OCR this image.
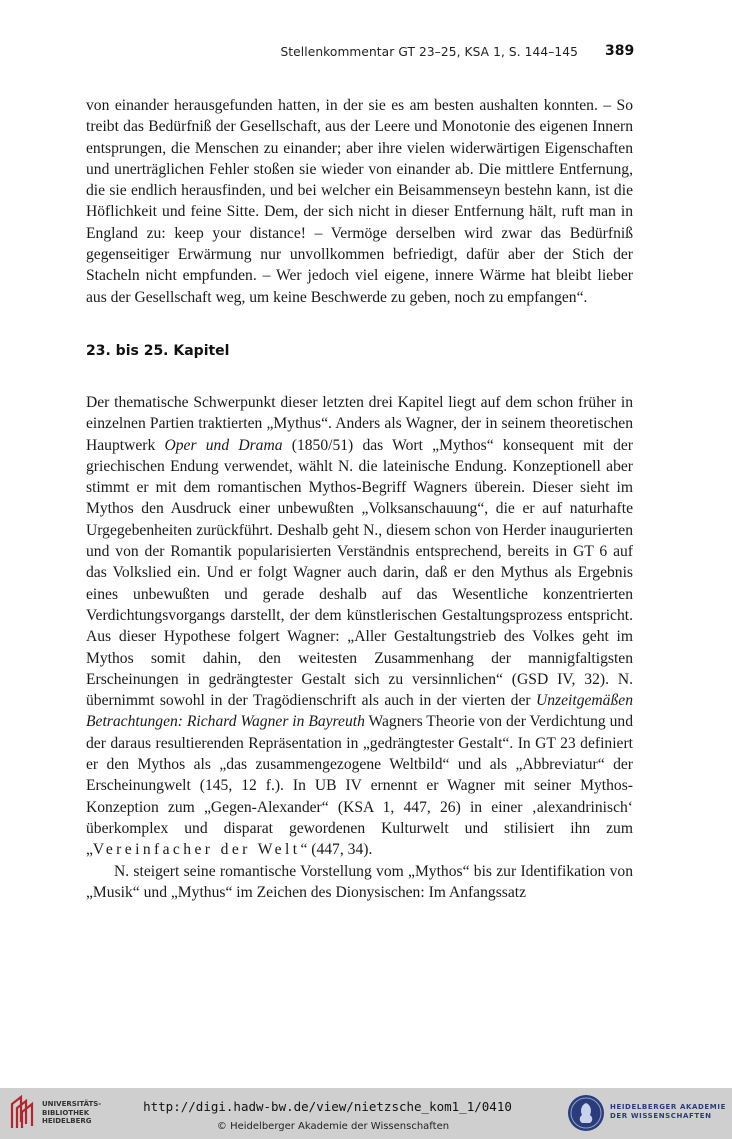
Stellenkommentar GT 23–25, KSA 1, S. 144–145 389

von einander herausgefunden hatten, in der sie es am besten aushalten konnten. – So treibt das Bedürfniß der Gesellschaft, aus der Leere und Monotonie des eigenen Innern entsprungen, die Menschen zu einander; aber ihre vielen widerwärtigen Eigenschaften und unerträglichen Fehler stoßen sie wieder von einander ab. Die mittlere Entfernung, die sie endlich herausfinden, und bei welcher ein Beisammenseyn bestehn kann, ist die Höflichkeit und feine Sitte. Dem, der sich nicht in dieser Entfernung hält, ruft man in England zu: keep your distance! – Vermöge derselben wird zwar das Bedürfniß gegenseitiger Erwärmung nur unvollkommen befriedigt, dafür aber der Stich der Stacheln nicht empfunden. – Wer jedoch viel eigene, innere Wärme hat bleibt lieber aus der Gesellschaft weg, um keine Beschwerde zu geben, noch zu empfangen“.

23. bis 25. Kapitel

Der thematische Schwerpunkt dieser letzten drei Kapitel liegt auf dem schon früher in einzelnen Partien traktierten „Mythus“. Anders als Wagner, der in seinem theoretischen Hauptwerk Oper und Drama (1850/51) das Wort „Mythos“ konsequent mit der griechischen Endung verwendet, wählt N. die lateinische Endung. Konzeptionell aber stimmt er mit dem romantischen Mythos-Begriff Wagners überein. Dieser sieht im Mythos den Ausdruck einer unbewußten „Volksanschauung“, die er auf naturhafte Urgegebenheiten zurückführt. Deshalb geht N., diesem schon von Herder inaugurierten und von der Romantik popularisierten Verständnis entsprechend, bereits in GT 6 auf das Volkslied ein. Und er folgt Wagner auch darin, daß er den Mythus als Ergebnis eines unbewußten und gerade deshalb auf das Wesentliche konzentrierten Verdichtungsvorgangs darstellt, der dem künstlerischen Gestaltungsprozess entspricht. Aus dieser Hypothese folgert Wagner: „Aller Gestaltungstrieb des Volkes geht im Mythos somit dahin, den weitesten Zusammenhang der mannigfaltigsten Erscheinungen in gedrängtester Gestalt sich zu versinnlichen“ (GSD IV, 32). N. übernimmt sowohl in der Tragödienschrift als auch in der vierten der Unzeitgemäßen Betrachtungen: Richard Wagner in Bayreuth Wagners Theorie von der Verdichtung und der daraus resultierenden Repräsentation in „gedrängtester Gestalt“. In GT 23 definiert er den Mythos als „das zusammengezogene Weltbild“ und als „Abbreviatur“ der Erscheinungwelt (145, 12 f.). In UB IV ernennt er Wagner mit seiner Mythos-Konzeption zum „Gegen-Alexander“ (KSA 1, 447, 26) in einer ‚alexandrinisch‘ überkomplex und disparat gewordenen Kulturwelt und stilisiert ihn zum „Vereinfacher der Welt“ (447, 34).

N. steigert seine romantische Vorstellung vom „Mythos“ bis zur Identifikation von „Musik“ und „Mythus“ im Zeichen des Dionysischen: Im Anfangssatz

UNIVERSITÄTS-
BIBLIOTHEK
HEIDELBERG
http://digi.hadw-bw.de/view/nietzsche_kom1_1/0410
© Heidelberger Akademie der Wissenschaften
HEIDELBERGER AKADEMIE
DER WISSENSCHAFTEN
